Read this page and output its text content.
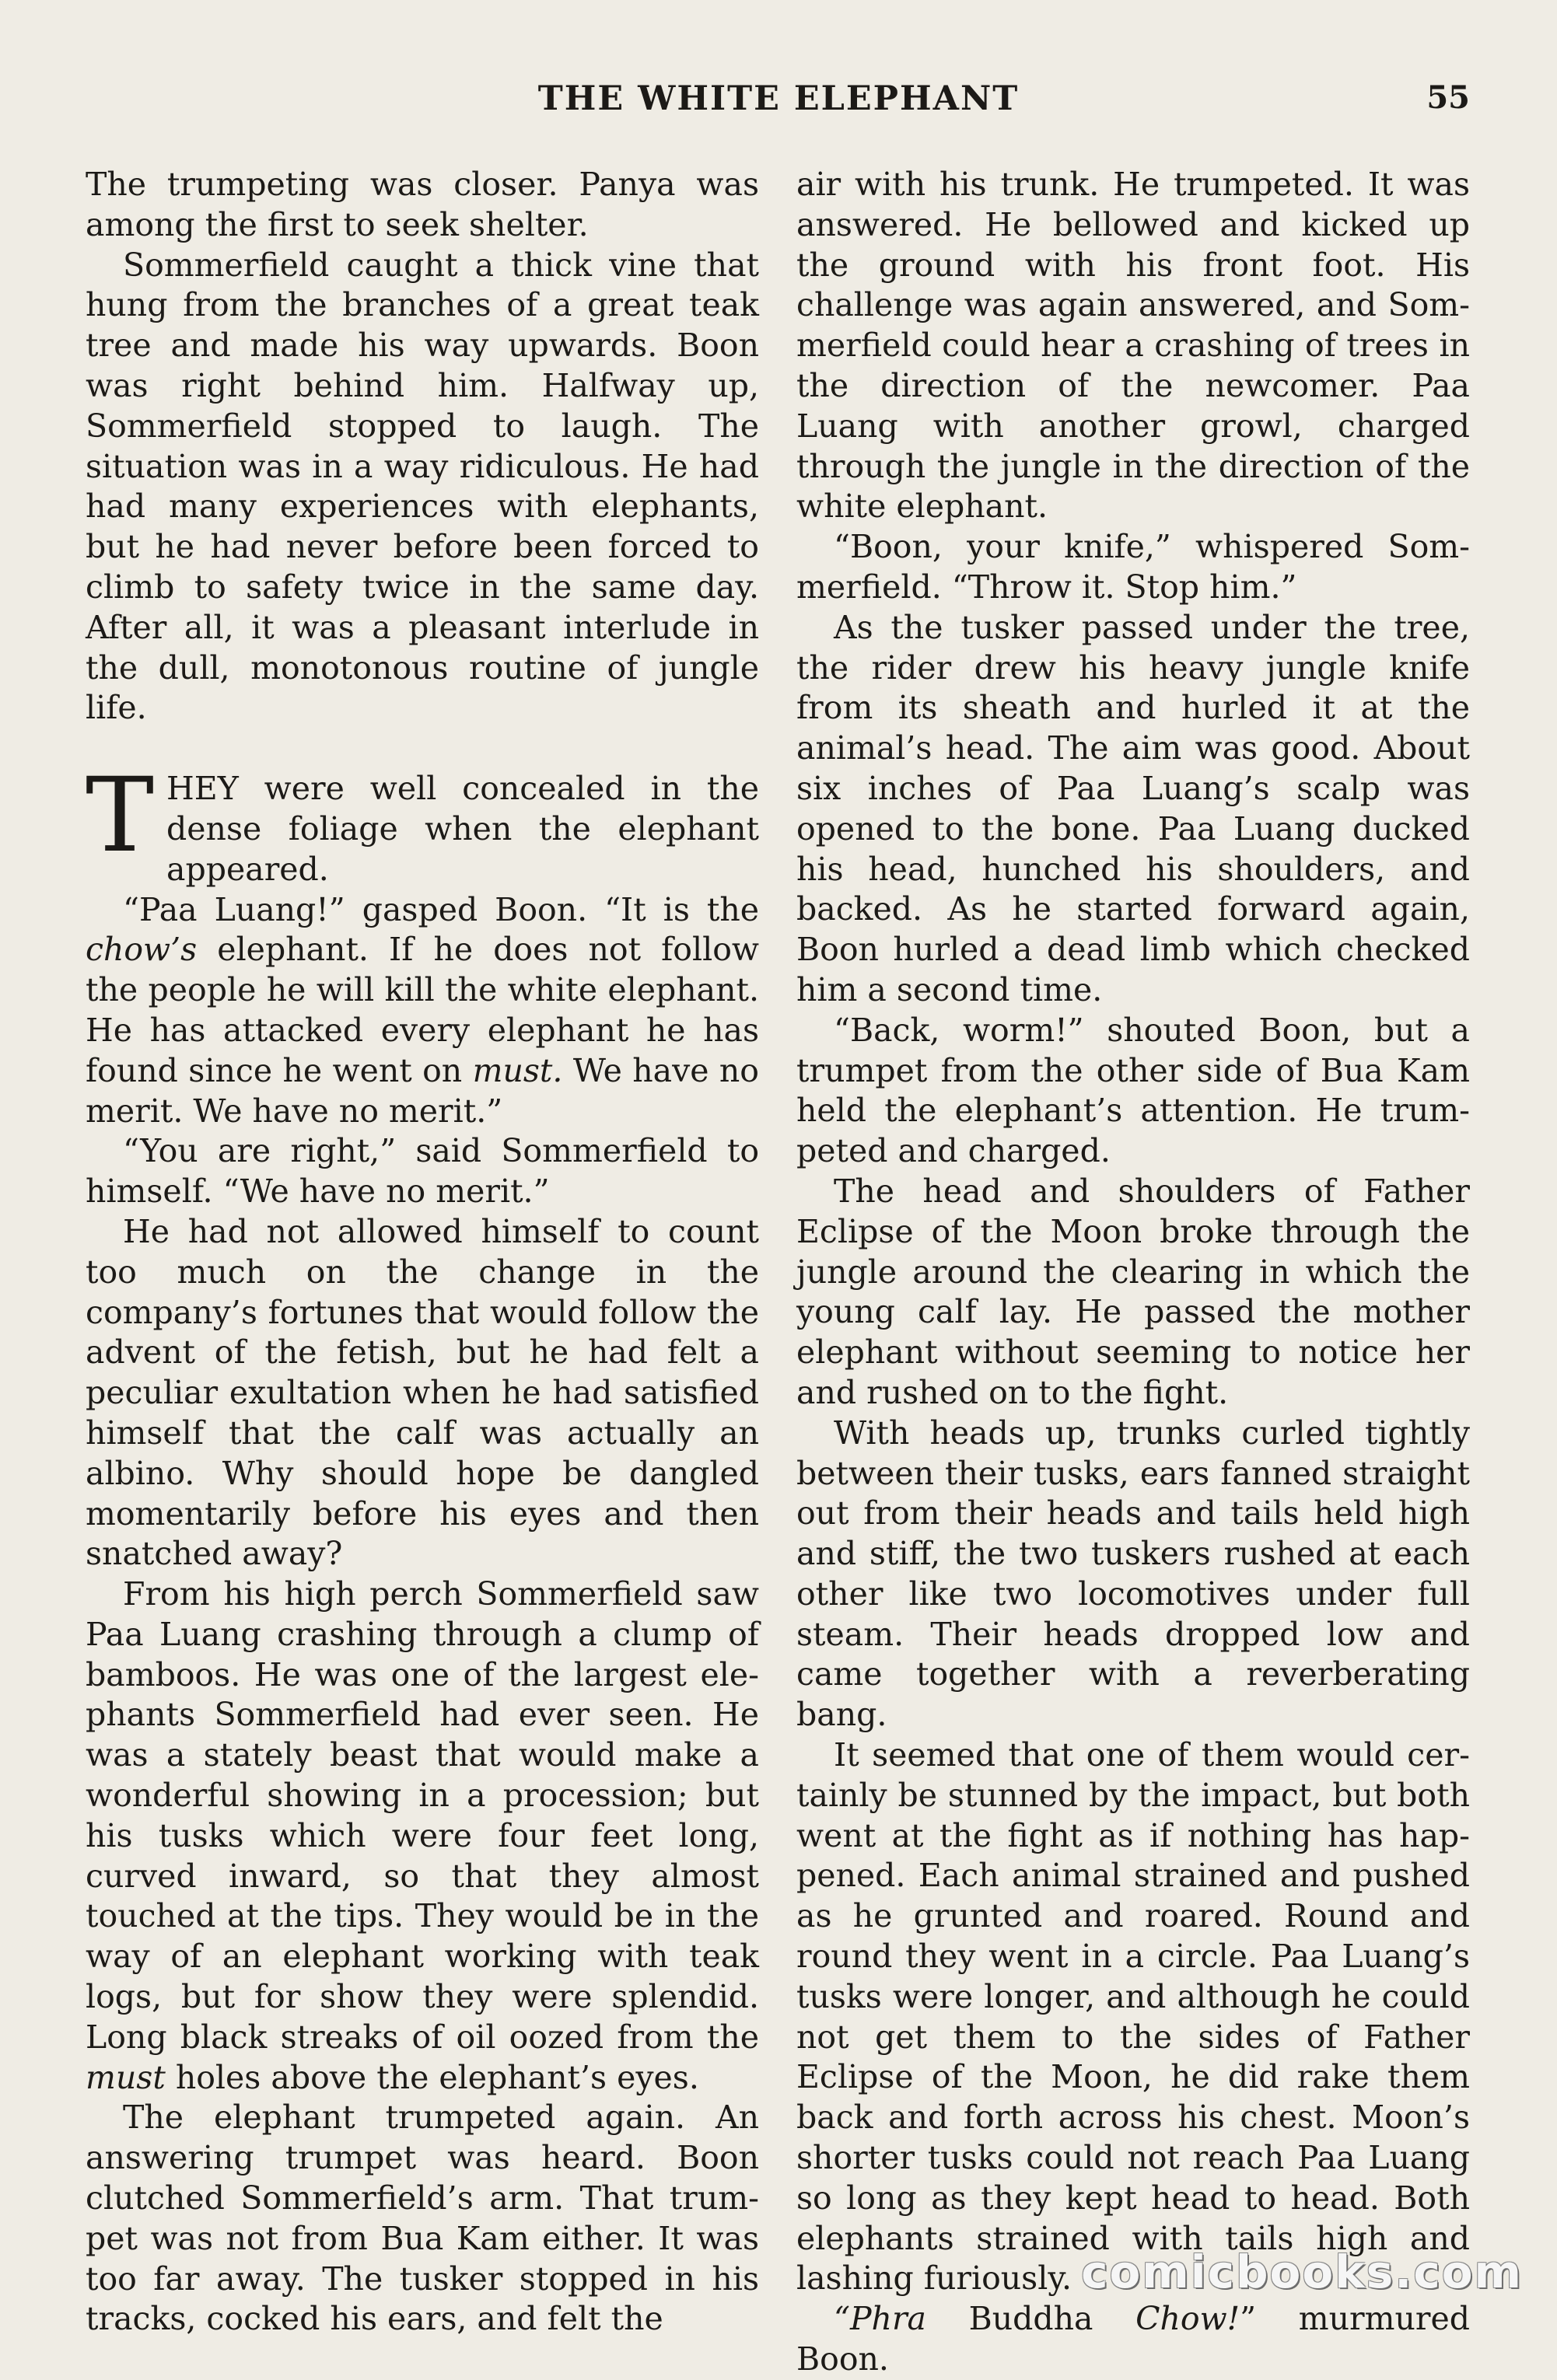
THE WHITE ELEPHANT	55

The trumpeting was closer. Panya was among the first to seek shelter.

Sommerfield caught a thick vine that hung from the branches of a great teak tree and made his way upwards. Boon was right behind him. Halfway up, Sommerfield stopped to laugh. The situation was in a way ridiculous. He had had many experiences with elephants, but he had never before been forced to climb to safety twice in the same day. After all, it was a pleasant interlude in the dull, monotonous routine of jungle life.

THEY were well concealed in the dense foliage when the elephant appeared.

“Paa Luang!” gasped Boon. “It is the chow’s elephant. If he does not follow the people he will kill the white elephant. He has attacked every elephant he has found since he went on must. We have no merit. We have no merit.”

“You are right,” said Sommerfield to himself. “We have no merit.”

He had not allowed himself to count too much on the change in the company’s fortunes that would follow the advent of the fetish, but he had felt a peculiar exultation when he had satisfied himself that the calf was actually an albino. Why should hope be dangled momentarily before his eyes and then snatched away?

From his high perch Sommerfield saw Paa Luang crashing through a clump of bamboos. He was one of the largest elephants Sommerfield had ever seen. He was a stately beast that would make a wonderful showing in a procession; but his tusks which were four feet long, curved inward, so that they almost touched at the tips. They would be in the way of an elephant working with teak logs, but for show they were splendid. Long black streaks of oil oozed from the must holes above the elephant’s eyes.

The elephant trumpeted again. An answering trumpet was heard. Boon clutched Sommerfield’s arm. That trumpet was not from Bua Kam either. It was too far away. The tusker stopped in his tracks, cocked his ears, and felt the

air with his trunk. He trumpeted. It was answered. He bellowed and kicked up the ground with his front foot. His challenge was again answered, and Sommerfield could hear a crashing of trees in the direction of the newcomer. Paa Luang with another growl, charged through the jungle in the direction of the white elephant.

“Boon, your knife,” whispered Sommerfield. “Throw it. Stop him.”

As the tusker passed under the tree, the rider drew his heavy jungle knife from its sheath and hurled it at the animal’s head. The aim was good. About six inches of Paa Luang’s scalp was opened to the bone. Paa Luang ducked his head, hunched his shoulders, and backed. As he started forward again, Boon hurled a dead limb which checked him a second time.

“Back, worm!” shouted Boon, but a trumpet from the other side of Bua Kam held the elephant’s attention. He trumpeted and charged.

The head and shoulders of Father Eclipse of the Moon broke through the jungle around the clearing in which the young calf lay. He passed the mother elephant without seeming to notice her and rushed on to the fight.

With heads up, trunks curled tightly between their tusks, ears fanned straight out from their heads and tails held high and stiff, the two tuskers rushed at each other like two locomotives under full steam. Their heads dropped low and came together with a reverberating bang.

It seemed that one of them would certainly be stunned by the impact, but both went at the fight as if nothing has happened. Each animal strained and pushed as he grunted and roared. Round and round they went in a circle. Paa Luang’s tusks were longer, and although he could not get them to the sides of Father Eclipse of the Moon, he did rake them back and forth across his chest. Moon’s shorter tusks could not reach Paa Luang so long as they kept head to head. Both elephants strained with tails high and lashing furiously.

“Phra Buddha Chow!” murmured Boon.

comicbooks.com
